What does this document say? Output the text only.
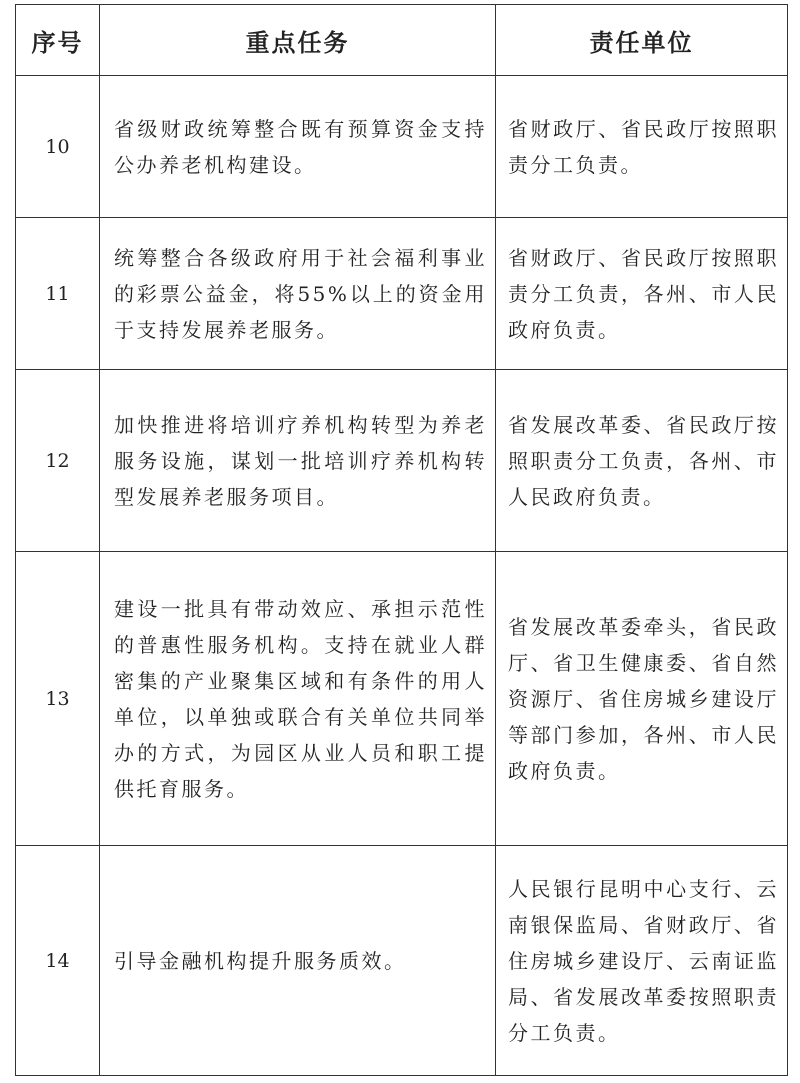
序号	重点任务	责任单位
10	省级财政统筹整合既有预算资金支持公办养老机构建设。	省财政厅、省民政厅按照职责分工负责。
11	统筹整合各级政府用于社会福利事业的彩票公益金，将55%以上的资金用于支持发展养老服务。	省财政厅、省民政厅按照职责分工负责，各州、市人民政府负责。
12	加快推进将培训疗养机构转型为养老服务设施，谋划一批培训疗养机构转型发展养老服务项目。	省发展改革委、省民政厅按照职责分工负责，各州、市人民政府负责。
13	建设一批具有带动效应、承担示范性的普惠性服务机构。支持在就业人群密集的产业聚集区域和有条件的用人单位，以单独或联合有关单位共同举办的方式，为园区从业人员和职工提供托育服务。	省发展改革委牵头，省民政厅、省卫生健康委、省自然资源厅、省住房城乡建设厅等部门参加，各州、市人民政府负责。
14	引导金融机构提升服务质效。	人民银行昆明中心支行、云南银保监局、省财政厅、省住房城乡建设厅、云南证监局、省发展改革委按照职责分工负责。
